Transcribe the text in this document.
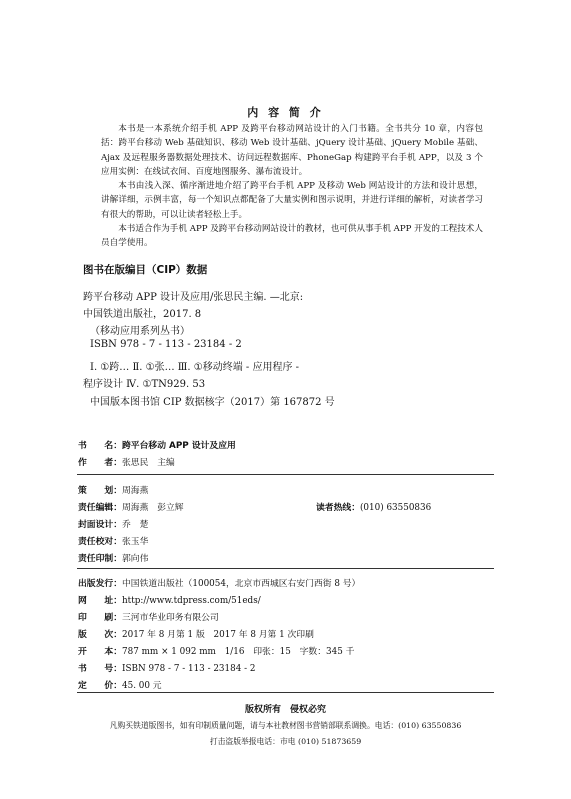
内 容 简 介

本书是一本系统介绍手机 APP 及跨平台移动网站设计的入门书籍。全书共分 10 章，内容包括：跨平台移动 Web 基础知识、移动 Web 设计基础、jQuery 设计基础、jQuery Mobile 基础、Ajax 及远程服务器数据处理技术、访问远程数据库、PhoneGap 构建跨平台手机 APP，以及 3 个应用实例：在线试衣间、百度地图服务、瀑布流设计。

本书由浅入深、循序渐进地介绍了跨平台手机 APP 及移动 Web 网站设计的方法和设计思想，讲解详细，示例丰富，每一个知识点都配备了大量实例和图示说明，并进行详细的解析，对读者学习有很大的帮助，可以让读者轻松上手。

本书适合作为手机 APP 及跨平台移动网站设计的教材，也可供从事手机 APP 开发的工程技术人员自学使用。

图书在版编目（CIP）数据
跨平台移动 APP 设计及应用/张思民主编. —北京:
中国铁道出版社，2017. 8
（移动应用系列丛书）
ISBN 978 - 7 - 113 - 23184 - 2
Ⅰ. ①跨… Ⅱ. ①张… Ⅲ. ①移动终端 - 应用程序 -
程序设计 Ⅳ. ①TN929. 53
中国版本图书馆 CIP 数据核字（2017）第 167872 号
书　　名：跨平台移动 APP 设计及应用
作　　者：张思民　主编
策　　划：周海燕
责任编辑：周海燕　彭立辉	读者热线：(010) 63550836
封面设计：乔　楚
责任校对：张玉华
责任印制：郭向伟
出版发行：中国铁道出版社（100054，北京市西城区右安门西街 8 号）
网　　址：http://www.tdpress.com/51eds/
印　　刷：三河市华业印务有限公司
版　　次：2017 年 8 月第 1 版　2017 年 8 月第 1 次印刷
开　　本：787 mm × 1 092 mm　1/16　印张：15　字数：345 千
书　　号：ISBN 978 - 7 - 113 - 23184 - 2
定　　价：45. 00 元
版权所有　侵权必究
凡购买铁道版图书，如有印制质量问题，请与本社教材图书营销部联系调换。电话：(010) 63550836
打击盗版举报电话：市电 (010) 51873659
